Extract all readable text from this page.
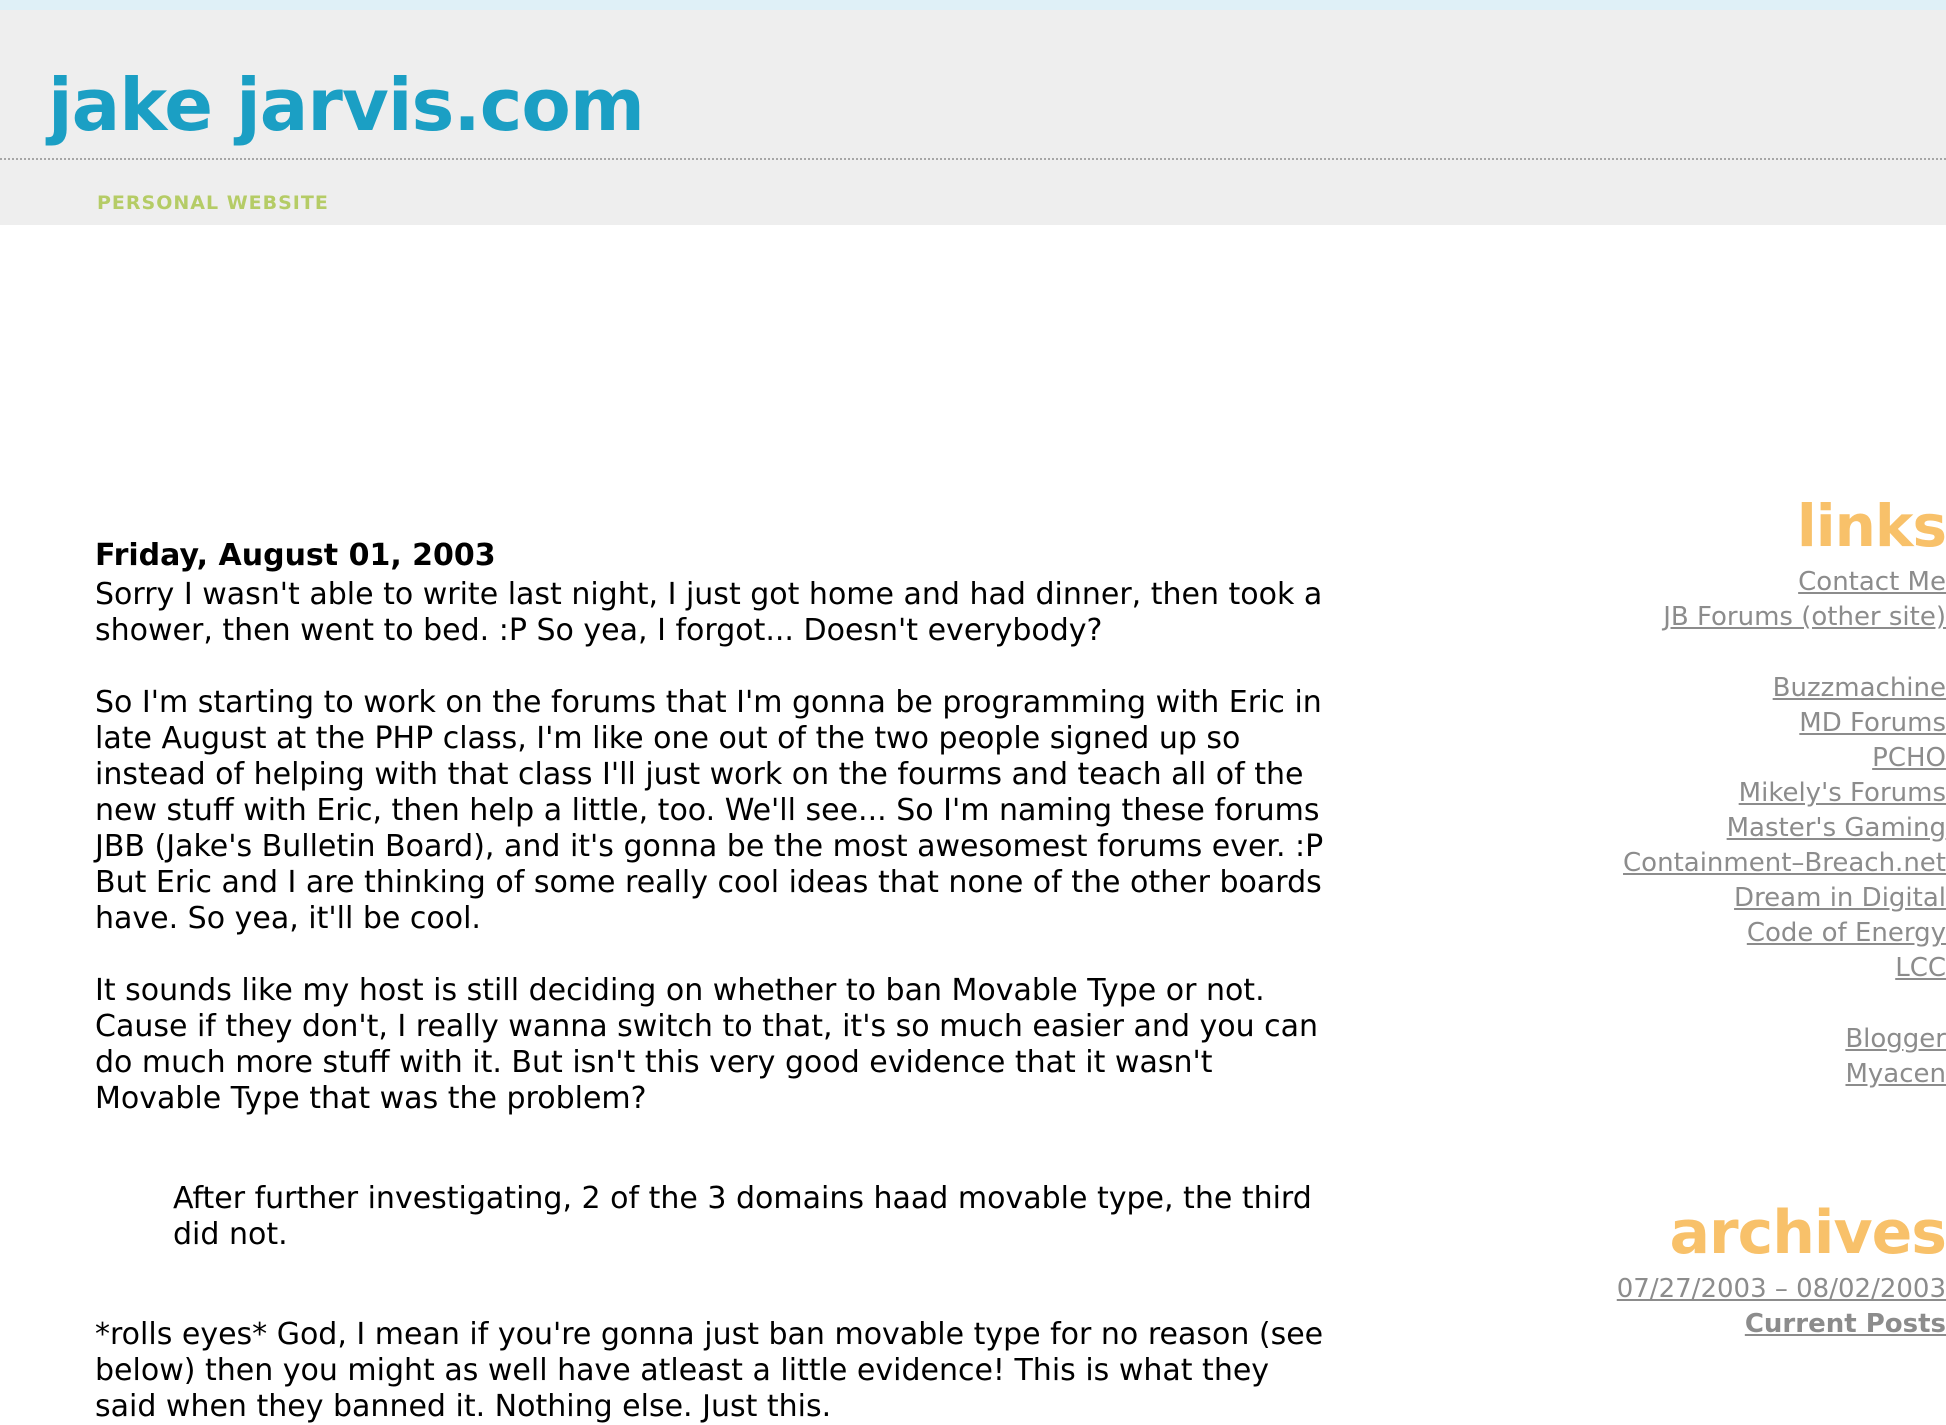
jake jarvis.com
PERSONAL WEBSITE
Friday, August 01, 2003

Sorry I wasn't able to write last night, I just got home and had dinner, then took a shower, then went to bed. :P So yea, I forgot... Doesn't everybody?

So I'm starting to work on the forums that I'm gonna be programming with Eric in late August at the PHP class, I'm like one out of the two people signed up so instead of helping with that class I'll just work on the fourms and teach all of the new stuff with Eric, then help a little, too. We'll see... So I'm naming these forums JBB (Jake's Bulletin Board), and it's gonna be the most awesomest forums ever. :P But Eric and I are thinking of some really cool ideas that none of the other boards have. So yea, it'll be cool.

It sounds like my host is still deciding on whether to ban Movable Type or not. Cause if they don't, I really wanna switch to that, it's so much easier and you can do much more stuff with it. But isn't this very good evidence that it wasn't Movable Type that was the problem?

After further investigating, 2 of the 3 domains haad movable type, the third did not.

*rolls eyes* God, I mean if you're gonna just ban movable type for no reason (see below) then you might as well have atleast a little evidence! This is what they said when they banned it. Nothing else. Just this.

links
Contact Me
JB Forums (other site)
Buzzmachine
MD Forums
PCHO
Mikely's Forums
Master's Gaming
Containment–Breach.net
Dream in Digital
Code of Energy
LCC
Blogger
Myacen
archives
07/27/2003 – 08/02/2003
Current Posts
